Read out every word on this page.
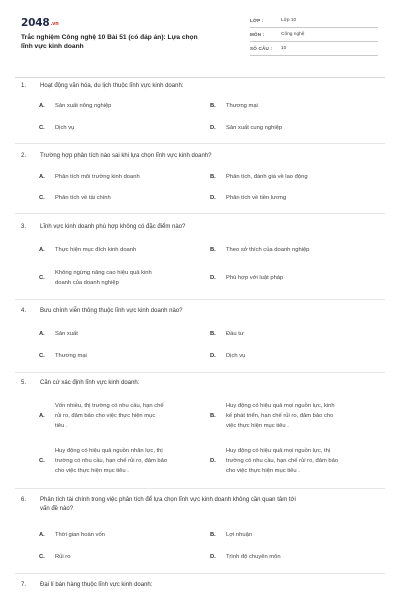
2048.vn
Trắc nghiệm Công nghệ 10 Bài 51 (có đáp án): Lựa chọn
lĩnh vực kinh doanh
LỚP :	Lớp 10
MÔN :	Công nghệ
SỐ CÂU :	10
1. Hoạt động văn hóa, du lịch thuộc lĩnh vực kinh doanh:
A. Sản xuất nông nghiệp	B. Thương mại
C. Dịch vụ	D. Sản xuất cung nghiệp
2. Trường hợp phân tích nào sai khi lựa chọn lĩnh vực kinh doanh?
A. Phân tích môi trường kinh doanh	B. Phân tích, đánh giá về lao động
C. Phân tích về tài chính	D. Phân tích về tiền lương
3. Lĩnh vực kinh doanh phù hợp không có đặc điểm nào?
A. Thực hiện mục đích kinh doanh	B. Theo sở thích của doanh nghiệp
C.
Không ngừng nâng cao hiệu quả kinh
doanh của doanh nghiệp
D. Phù hợp với luật pháp
4. Bưu chính viễn thông thuộc lĩnh vực kinh doanh nào?
A. Sản xuất	B. Đầu tư
C. Thương mại	D. Dịch vụ
5. Căn cứ xác định lĩnh vực kinh doanh:
A.
Vốn nhiều, thị trường có nhu cầu, hạn chế
rủi ro, đảm bảo cho việc thực hiện mục
tiêu .
B.
Huy động có hiệu quả mọi nguồn lực, kinh
kế phát triển, hạn chế rủi ro, đảm bảo cho
việc thực hiện mục tiêu .
C.
Huy động có hiệu quả nguồn nhân lực, thị
trường có nhu cầu, hạn chế rủi ro, đảm bảo
cho việc thực hiện mục tiêu .
D.
Huy động có hiệu quả mọi nguồn lực, thị
trường có nhu cầu, hạn chế rủi ro, đảm bảo
cho việc thực hiện mục tiêu .
6. Phân tích tài chính trong việc phân tích để lựa chọn lĩnh vực kinh doanh không cần quan tâm tới
vấn đề nào?
A. Thời gian hoàn vốn	B. Lợi nhuận
C. Rủi ro	D. Trình độ chuyên môn
7. Đại lí bán hàng thuộc lĩnh vực kinh doanh:
